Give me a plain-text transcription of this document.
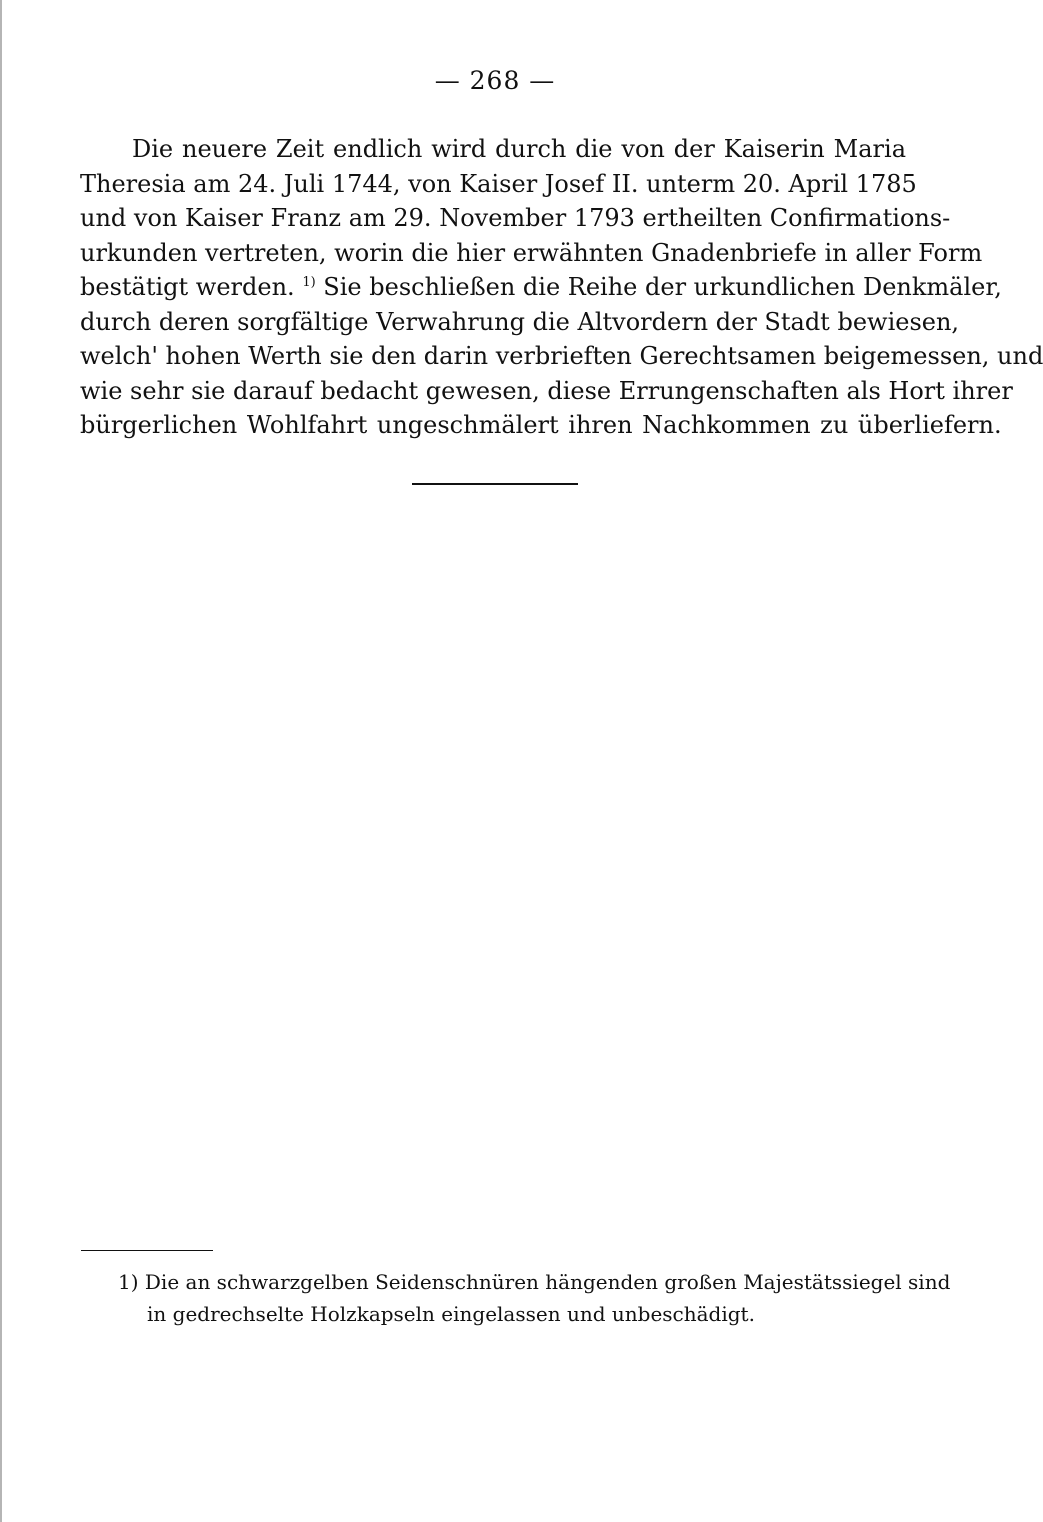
— 268 —
Die neuere Zeit endlich wird durch die von der Kaiserin Maria
Theresia am 24. Juli 1744, von Kaiser Josef II. unterm 20. April 1785
und von Kaiser Franz am 29. November 1793 ertheilten Confirmations-
urkunden vertreten, worin die hier erwähnten Gnadenbriefe in aller Form
bestätigt werden. $^{1)}$ Sie beschließen die Reihe der urkundlichen Denkmäler,
durch deren sorgfältige Verwahrung die Altvordern der Stadt bewiesen,
welch' hohen Werth sie den darin verbrieften Gerechtsamen beigemessen, und
wie sehr sie darauf bedacht gewesen, diese Errungenschaften als Hort ihrer
bürgerlichen Wohlfahrt ungeschmälert ihren Nachkommen zu überliefern.
1) Die an schwarzgelben Seidenschnüren hängenden großen Majestätssiegel sind
in gedrechselte Holzkapseln eingelassen und unbeschädigt.
